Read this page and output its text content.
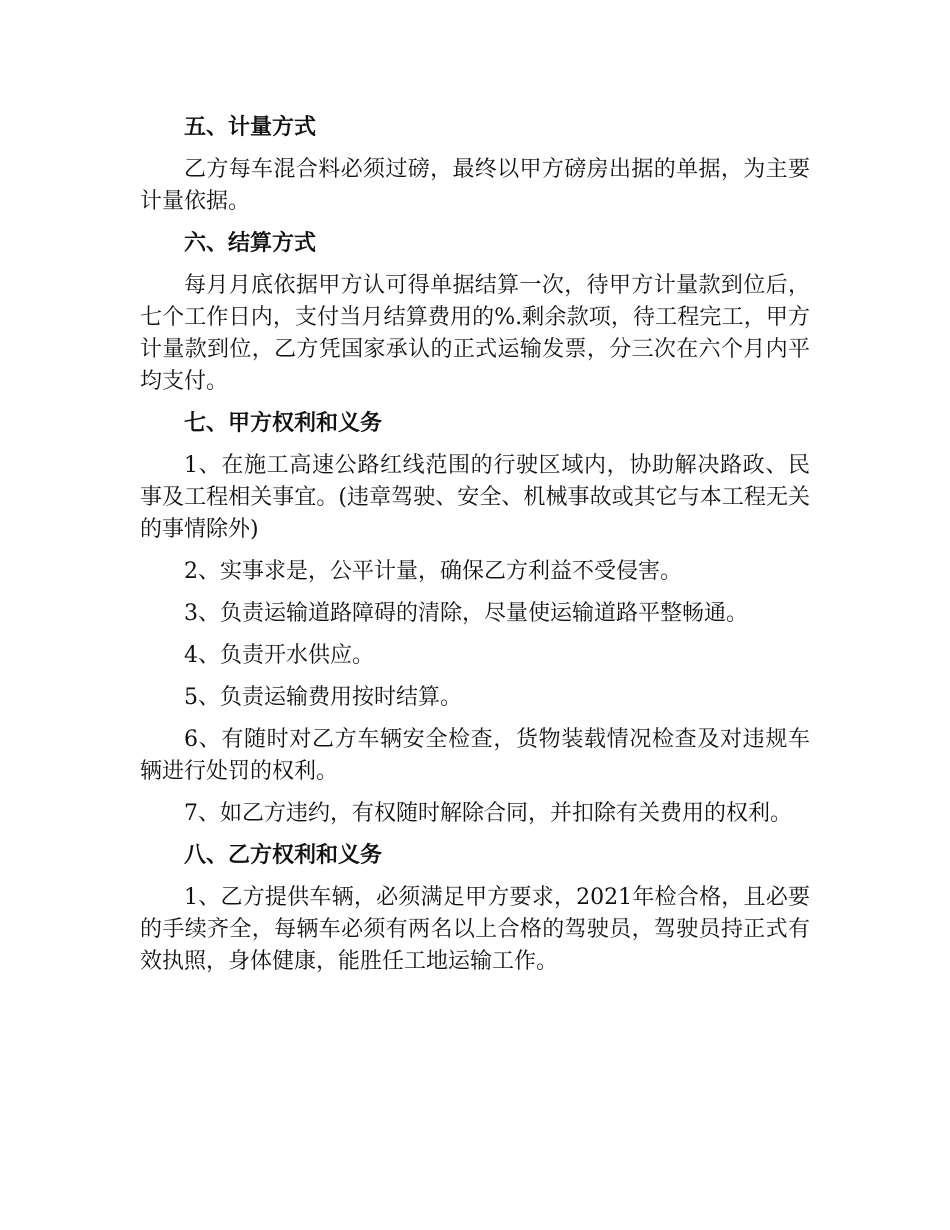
五、计量方式

乙方每车混合料必须过磅，最终以甲方磅房出据的单据，为主要计量依据。

六、结算方式

每月月底依据甲方认可得单据结算一次，待甲方计量款到位后，七个工作日内，支付当月结算费用的%.剩余款项，待工程完工，甲方计量款到位，乙方凭国家承认的正式运输发票，分三次在六个月内平均支付。

七、甲方权利和义务

1、在施工高速公路红线范围的行驶区域内，协助解决路政、民事及工程相关事宜。(违章驾驶、安全、机械事故或其它与本工程无关的事情除外)

2、实事求是，公平计量，确保乙方利益不受侵害。

3、负责运输道路障碍的清除，尽量使运输道路平整畅通。

4、负责开水供应。

5、负责运输费用按时结算。

6、有随时对乙方车辆安全检查，货物装载情况检查及对违规车辆进行处罚的权利。

7、如乙方违约，有权随时解除合同，并扣除有关费用的权利。

八、乙方权利和义务

1、乙方提供车辆，必须满足甲方要求，2021年检合格，且必要的手续齐全，每辆车必须有两名以上合格的驾驶员，驾驶员持正式有效执照，身体健康，能胜任工地运输工作。
